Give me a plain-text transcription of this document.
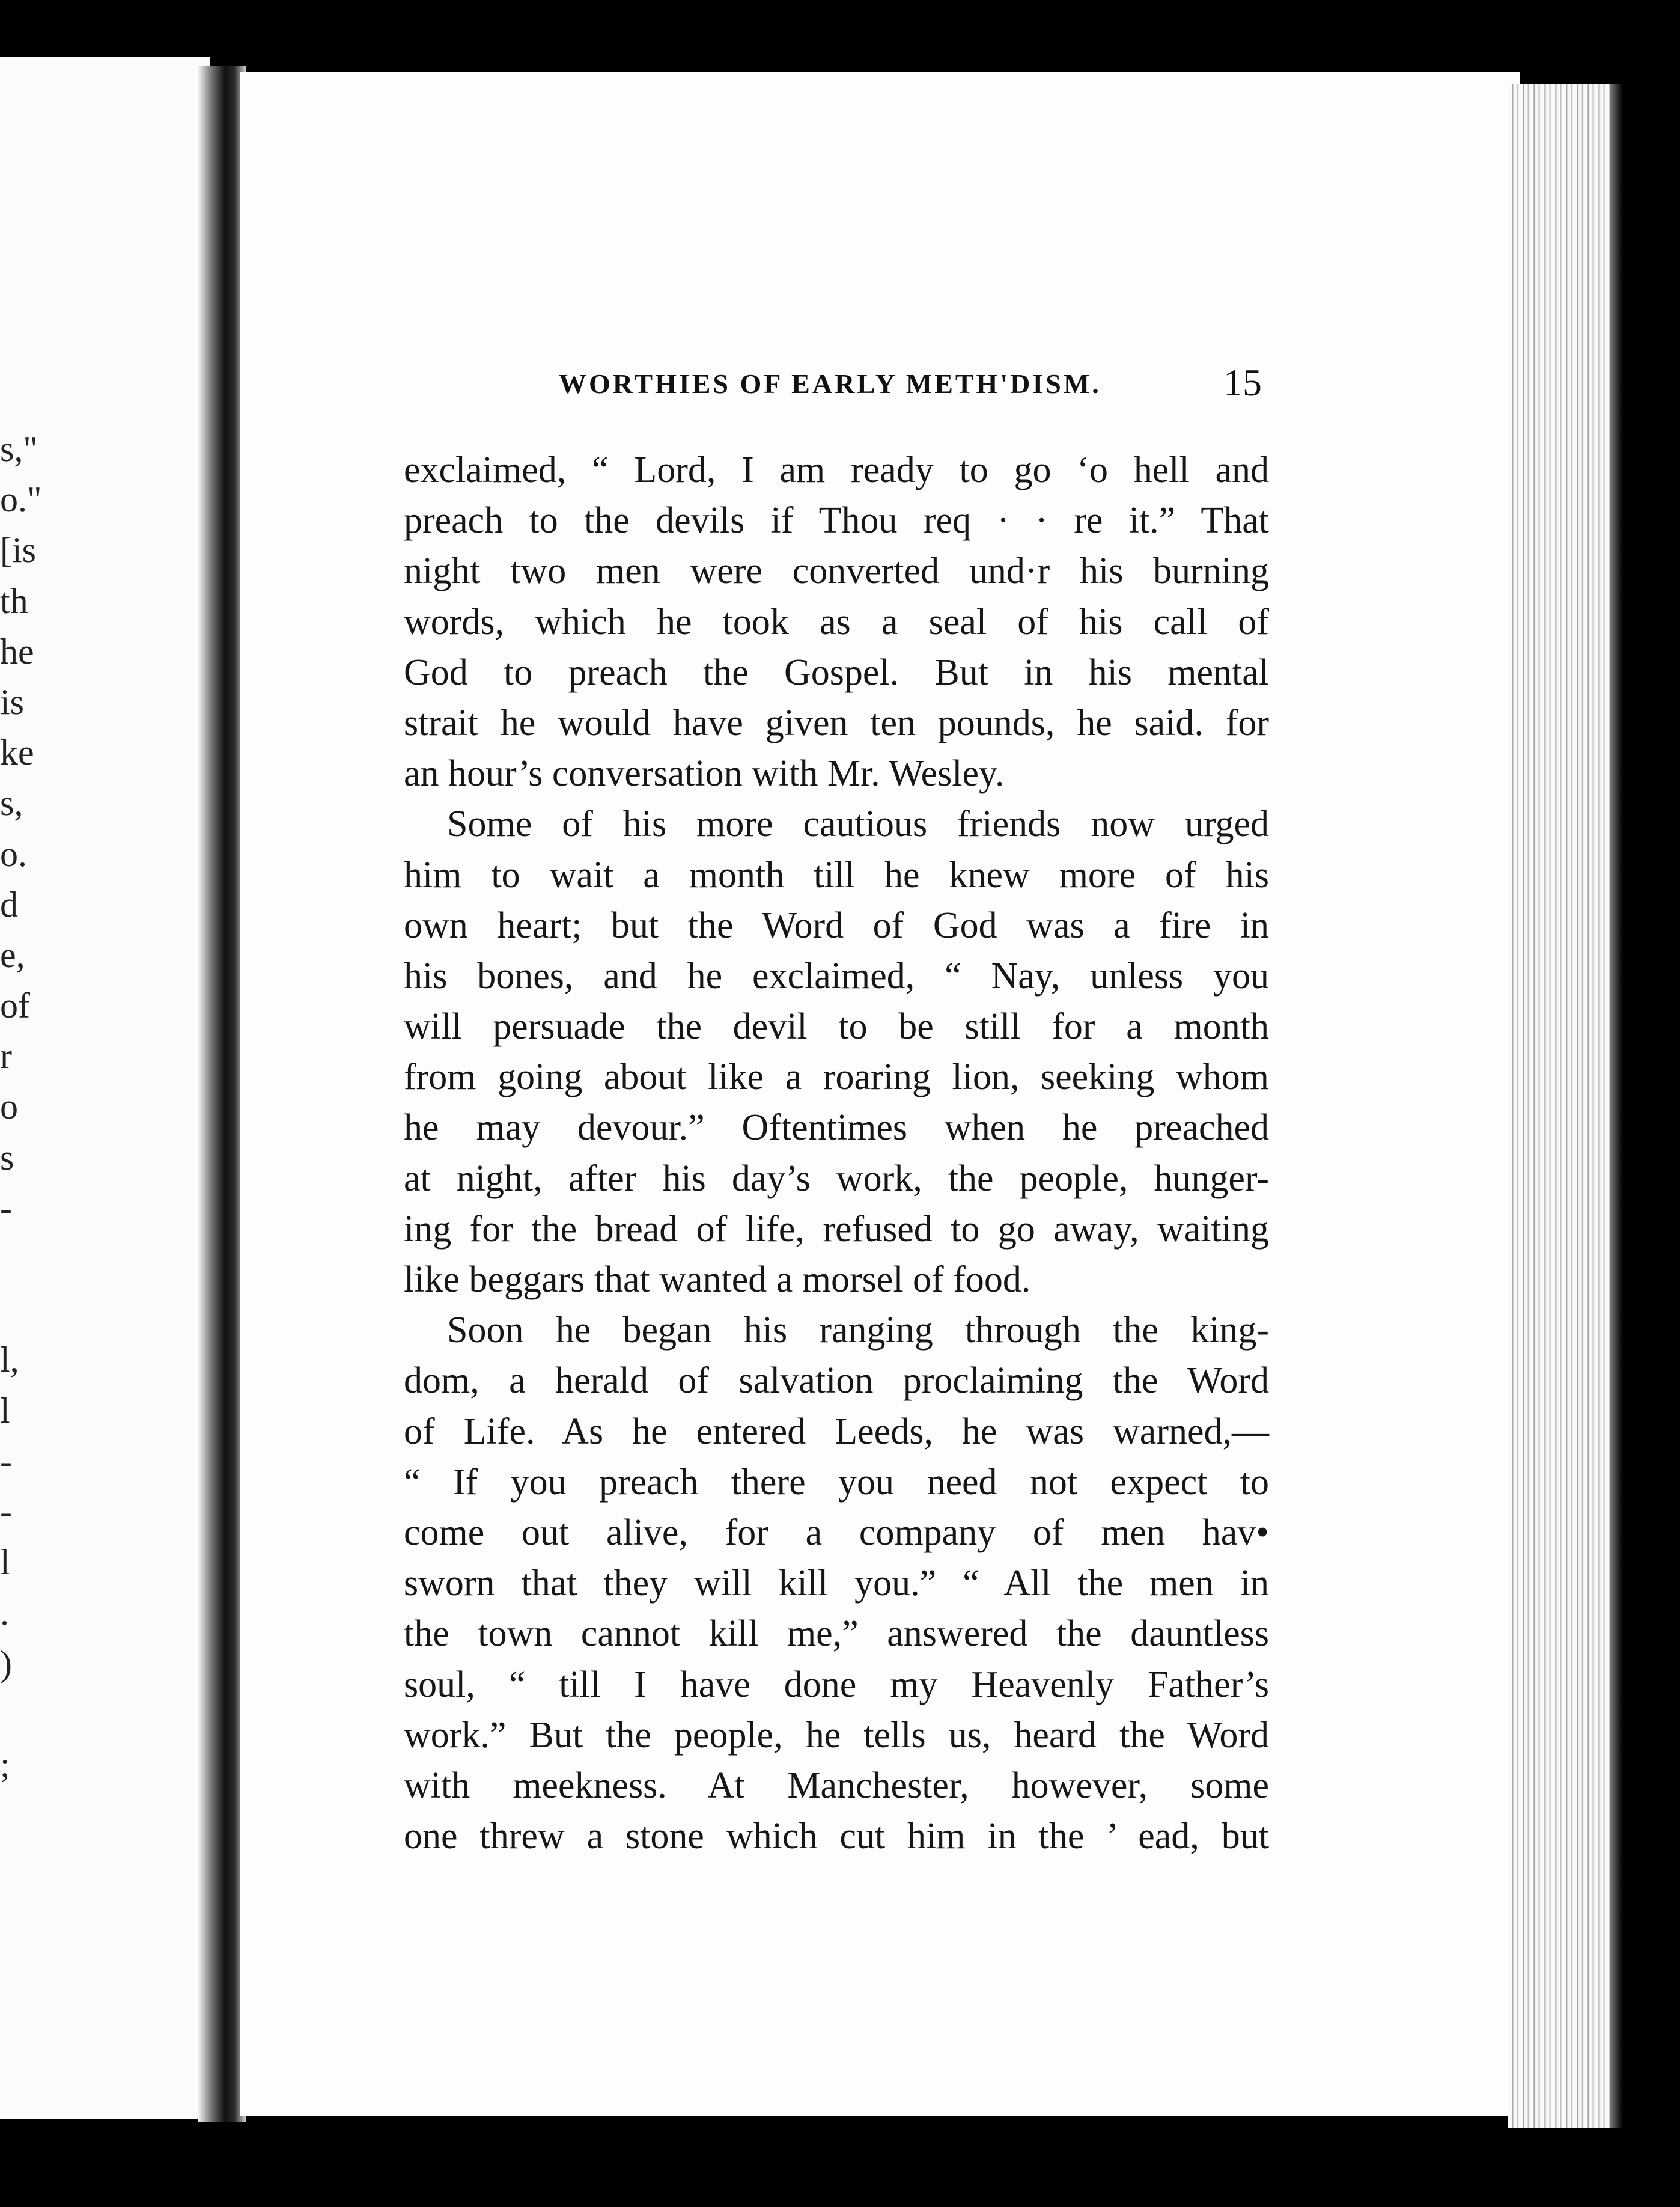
s,"
o."
[is
th
he
is
ke
s,
o.
d
e,
of
r
o
s
-
l,
l
-
-
l
.
)
;
WORTHIES OF EARLY METH'DISM.	15
exclaimed, “ Lord, I am ready to go ‘o hell and
preach to the devils if Thou req · · re it.” That
night two men were converted und·r his burning
words, which he took as a seal of his call of
God to preach the Gospel. But in his mental
strait he would have given ten pounds, he said. for
an hour’s conversation with Mr. Wesley.
Some of his more cautious friends now urged
him to wait a month till he knew more of his
own heart; but the Word of God was a fire in
his bones, and he exclaimed, “ Nay, unless you
will persuade the devil to be still for a month
from going about like a roaring lion, seeking whom
he may devour.” Oftentimes when he preached
at night, after his day’s work, the people, hunger-
ing for the bread of life, refused to go away, waiting
like beggars that wanted a morsel of food.
Soon he began his ranging through the king-
dom, a herald of salvation proclaiming the Word
of Life. As he entered Leeds, he was warned,—
“ If you preach there you need not expect to
come out alive, for a company of men hav•
sworn that they will kill you.” “ All the men in
the town cannot kill me,” answered the dauntless
soul, “ till I have done my Heavenly Father’s
work.” But the people, he tells us, heard the Word
with meekness. At Manchester, however, some
one threw a stone which cut him in the ’ ead, but
